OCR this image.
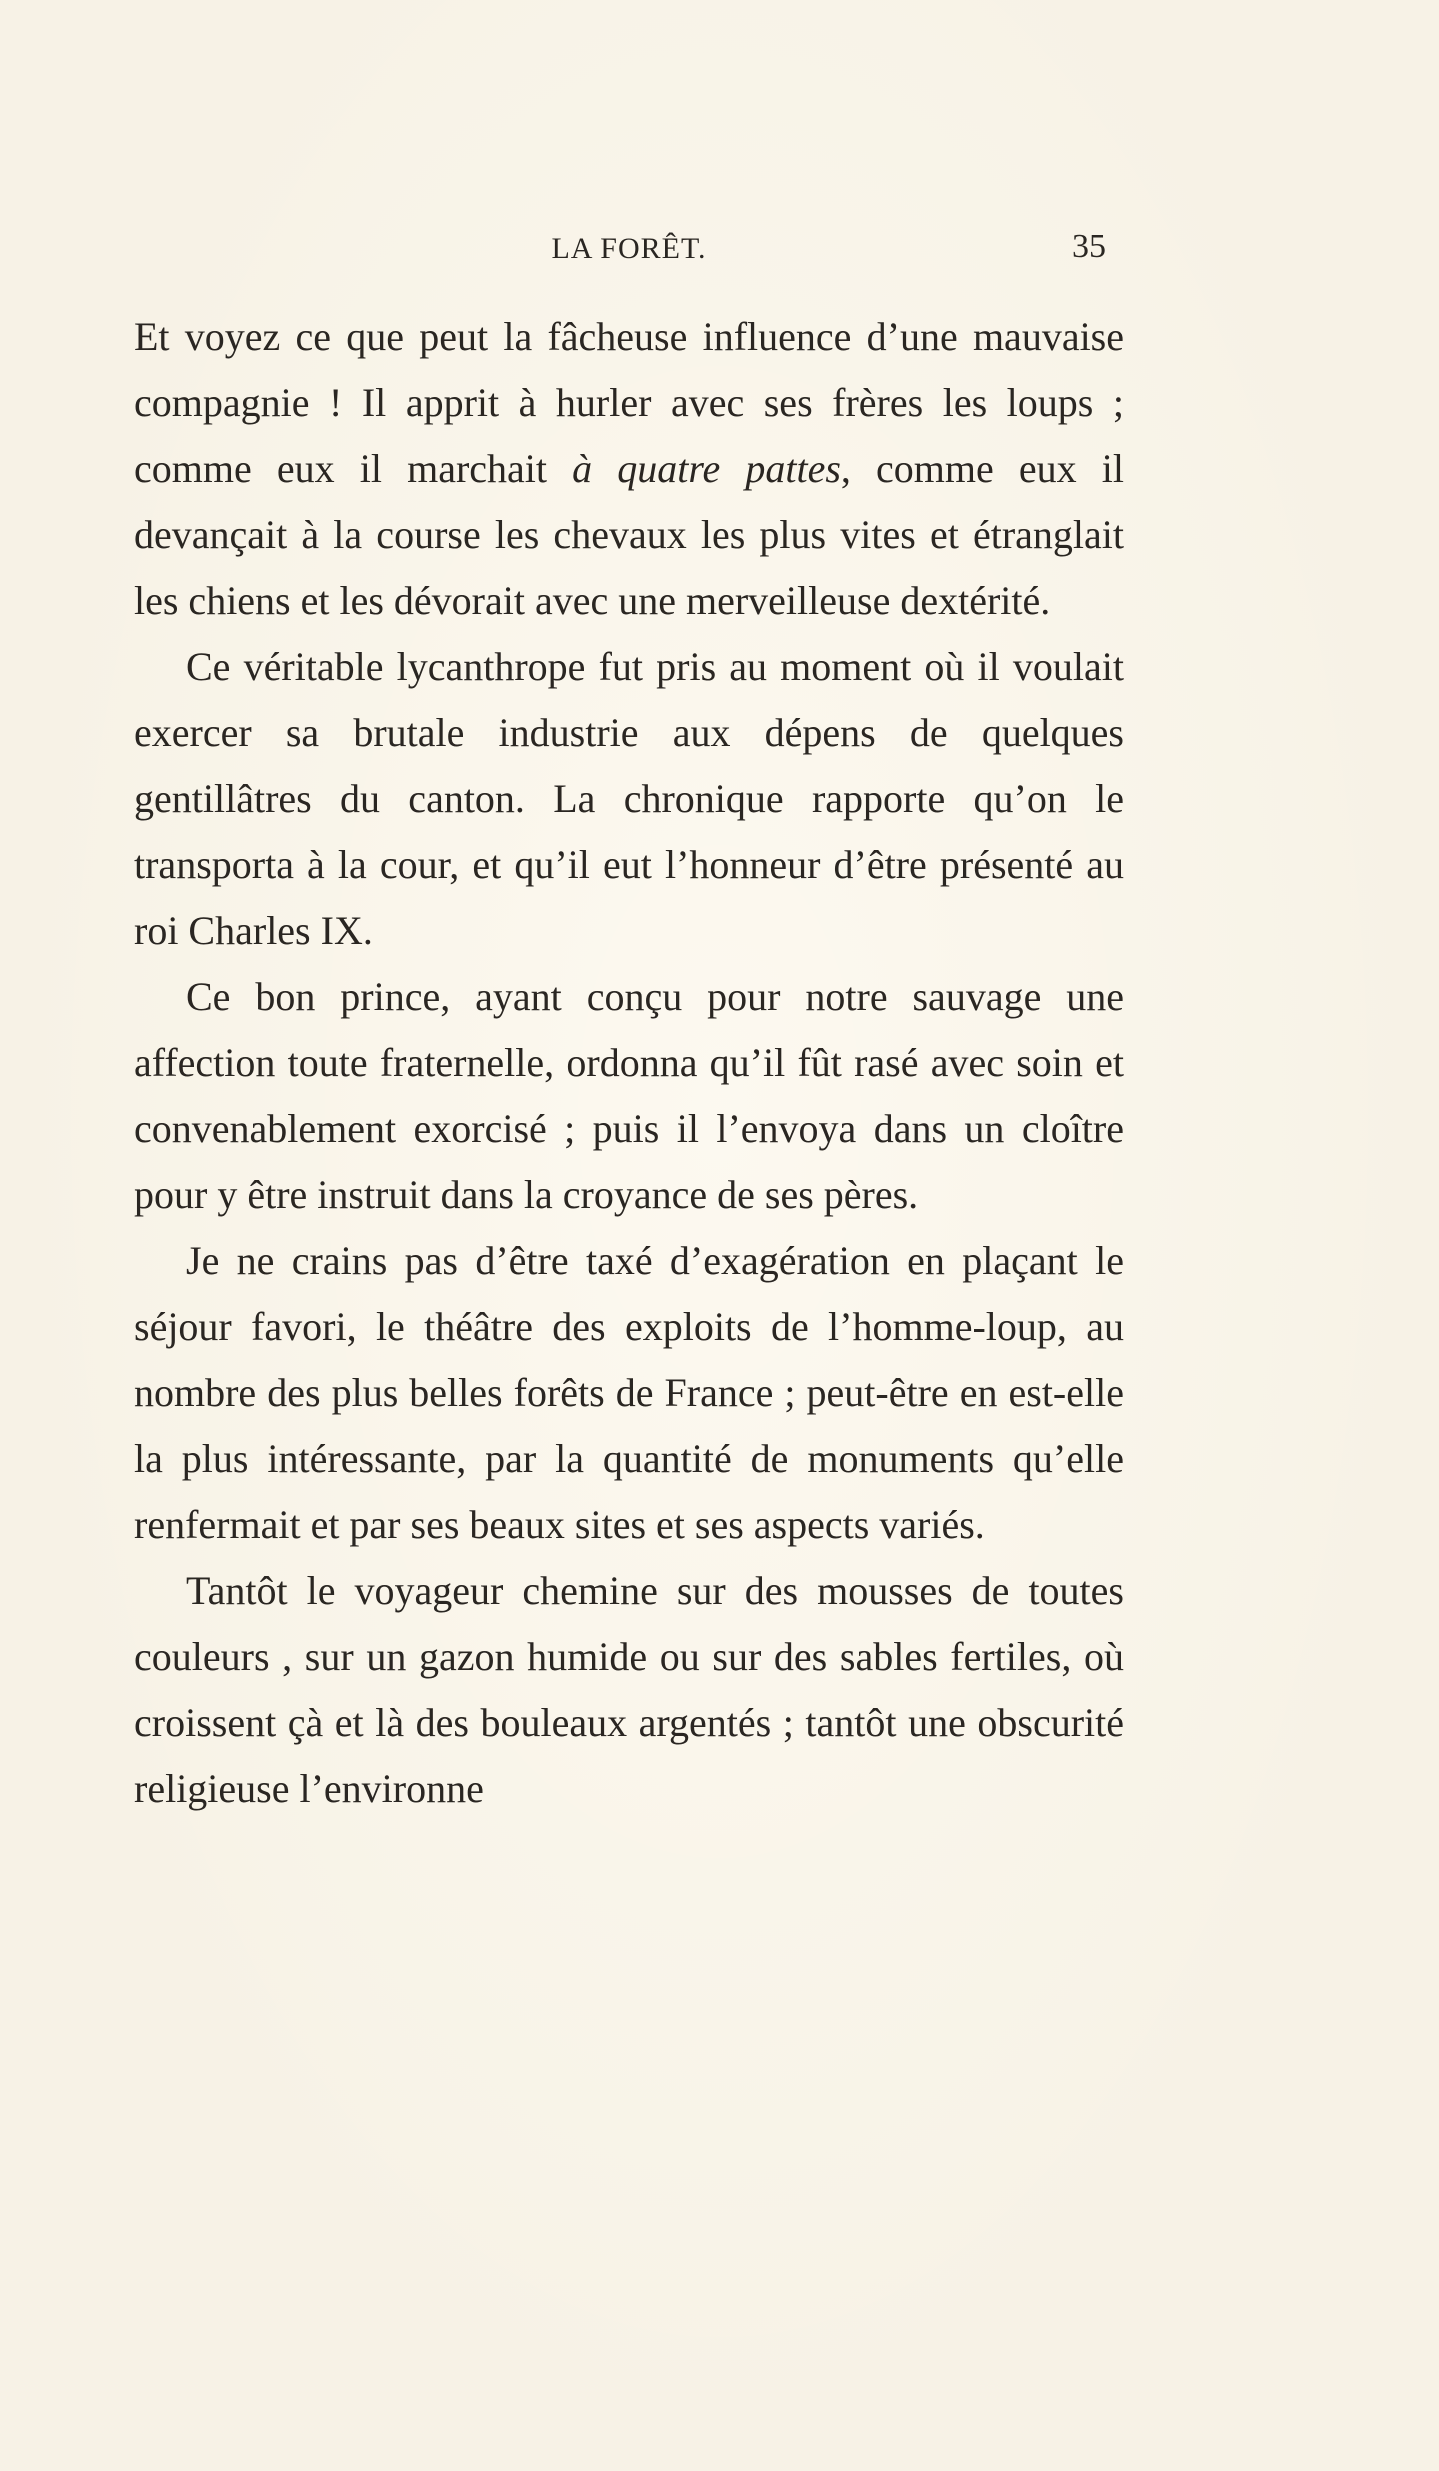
LA FORÊT.	35

Et voyez ce que peut la fâcheuse influence d’une mauvaise compagnie ! Il apprit à hurler avec ses frères les loups ; comme eux il marchait à quatre pattes, comme eux il devançait à la course les chevaux les plus vites et étranglait les chiens et les dévorait avec une merveilleuse dextérité.

Ce véritable lycanthrope fut pris au moment où il voulait exercer sa brutale industrie aux dépens de quelques gentillâtres du canton. La chronique rapporte qu’on le transporta à la cour, et qu’il eut l’honneur d’être présenté au roi Charles IX.

Ce bon prince, ayant conçu pour notre sauvage une affection toute fraternelle, ordonna qu’il fût rasé avec soin et convenablement exorcisé ; puis il l’envoya dans un cloître pour y être instruit dans la croyance de ses pères.

Je ne crains pas d’être taxé d’exagération en plaçant le séjour favori, le théâtre des exploits de l’homme-loup, au nombre des plus belles forêts de France ; peut-être en est-elle la plus intéressante, par la quantité de monuments qu’elle renfermait et par ses beaux sites et ses aspects variés.

Tantôt le voyageur chemine sur des mousses de toutes couleurs , sur un gazon humide ou sur des sables fertiles, où croissent çà et là des bouleaux argentés ; tantôt une obscurité religieuse l’environne
